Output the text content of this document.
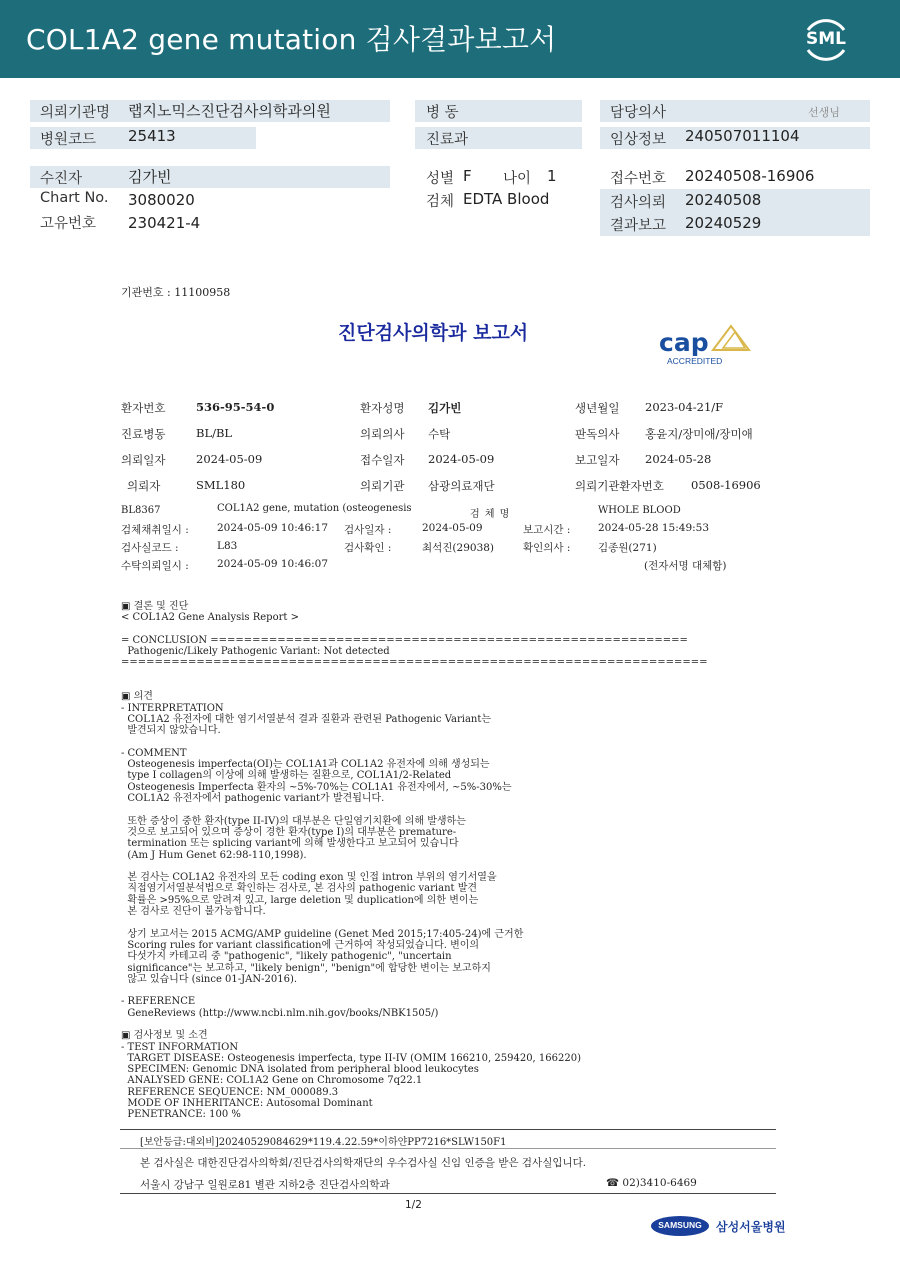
COL1A2 gene mutation 검사결과보고서	SML
의뢰기관명 랩지노믹스진단검사의학과의원
병원코드 25413
병 동
진료과
담당의사	선생님
임상정보 240507011104
수진자	김가빈
Chart No. 3080020
고유번호 230421-4
성별 F 나이 1
검체 EDTA Blood
접수번호 20240508-16906
검사의뢰 20240508
결과보고 20240529
기관번호 : 11100958
진단검사의학과 보고서	cap
ACCREDITED
환자번호	536-95-54-0	환자성명 김가빈	생년월일 2023-04-21/F
진료병동	BL/BL	의뢰의사 수탁	판독의사 홍윤지/장미애/장미애
의뢰일자	2024-05-09	접수일자 2024-05-09	보고일자 2024-05-28
의뢰자	SML180	의뢰기관 삼광의료재단	의뢰기관환자번호 0508-16906
BL8367	COL1A2 gene, mutation (osteogenesis
검 체 명	WHOLE BLOOD
검체채취일시 :	2024-05-09 10:46:17 검사일자 :	2024-05-09	보고시간 :	2024-05-28 15:49:53
검사실코드 :	L83	검사확인 :	최석진(29038)	확인의사 :	김종원(271)
수탁의뢰일시 :	2024-05-09 10:46:07	(전자서명 대체함)
▣ 결론 및 진단
< COL1A2 Gene Analysis Report >

= CONCLUSION =========================================================
Pathogenic/Likely Pathogenic Variant: Not detected
======================================================================

▣ 의견
- INTERPRETATION
COL1A2 유전자에 대한 염기서열분석 결과 질환과 관련된 Pathogenic Variant는
발견되지 않았습니다.

- COMMENT
Osteogenesis imperfecta(OI)는 COL1A1과 COL1A2 유전자에 의해 생성되는
type I collagen의 이상에 의해 발생하는 질환으로, COL1A1/2-Related
Osteogenesis Imperfecta 환자의 ~5%-70%는 COL1A1 유전자에서, ~5%-30%는
COL1A2 유전자에서 pathogenic variant가 발견됩니다.

또한 증상이 중한 환자(type II-IV)의 대부분은 단일염기치환에 의해 발생하는
것으로 보고되어 있으며 증상이 경한 환자(type I)의 대부분은 premature-
termination 또는 splicing variant에 의해 발생한다고 보고되어 있습니다
(Am J Hum Genet 62:98-110,1998).

본 검사는 COL1A2 유전자의 모든 coding exon 및 인접 intron 부위의 염기서열을
직접염기서열분석법으로 확인하는 검사로, 본 검사의 pathogenic variant 발견
확률은 >95%으로 알려져 있고, large deletion 및 duplication에 의한 변이는
본 검사로 진단이 불가능합니다.

상기 보고서는 2015 ACMG/AMP guideline (Genet Med 2015;17:405-24)에 근거한
Scoring rules for variant classification에 근거하여 작성되었습니다. 변이의
다섯가지 카테고리 중 "pathogenic", "likely pathogenic", "uncertain
significance"는 보고하고, "likely benign", "benign"에 합당한 변이는 보고하지
않고 있습니다 (since 01-JAN-2016).

- REFERENCE
GeneReviews (http://www.ncbi.nlm.nih.gov/books/NBK1505/)

▣ 검사정보 및 소견
- TEST INFORMATION
TARGET DISEASE: Osteogenesis imperfecta, type II-IV (OMIM 166210, 259420, 166220)
SPECIMEN: Genomic DNA isolated from peripheral blood leukocytes
ANALYSED GENE: COL1A2 Gene on Chromosome 7q22.1
REFERENCE SEQUENCE: NM_000089.3
MODE OF INHERITANCE: Autosomal Dominant
PENETRANCE: 100 %
[보안등급:대외비]20240529084629*119.4.22.59*이하얀PP7216*SLW150F1
본 검사실은 대한진단검사의학회/진단검사의학재단의 우수검사실 신임 인증을 받은 검사실입니다.
서울시 강남구 일원로81 별관 지하2층 진단검사의학과	☎ 02)3410-6469
1/2
SAMSUNG	삼성서울병원
